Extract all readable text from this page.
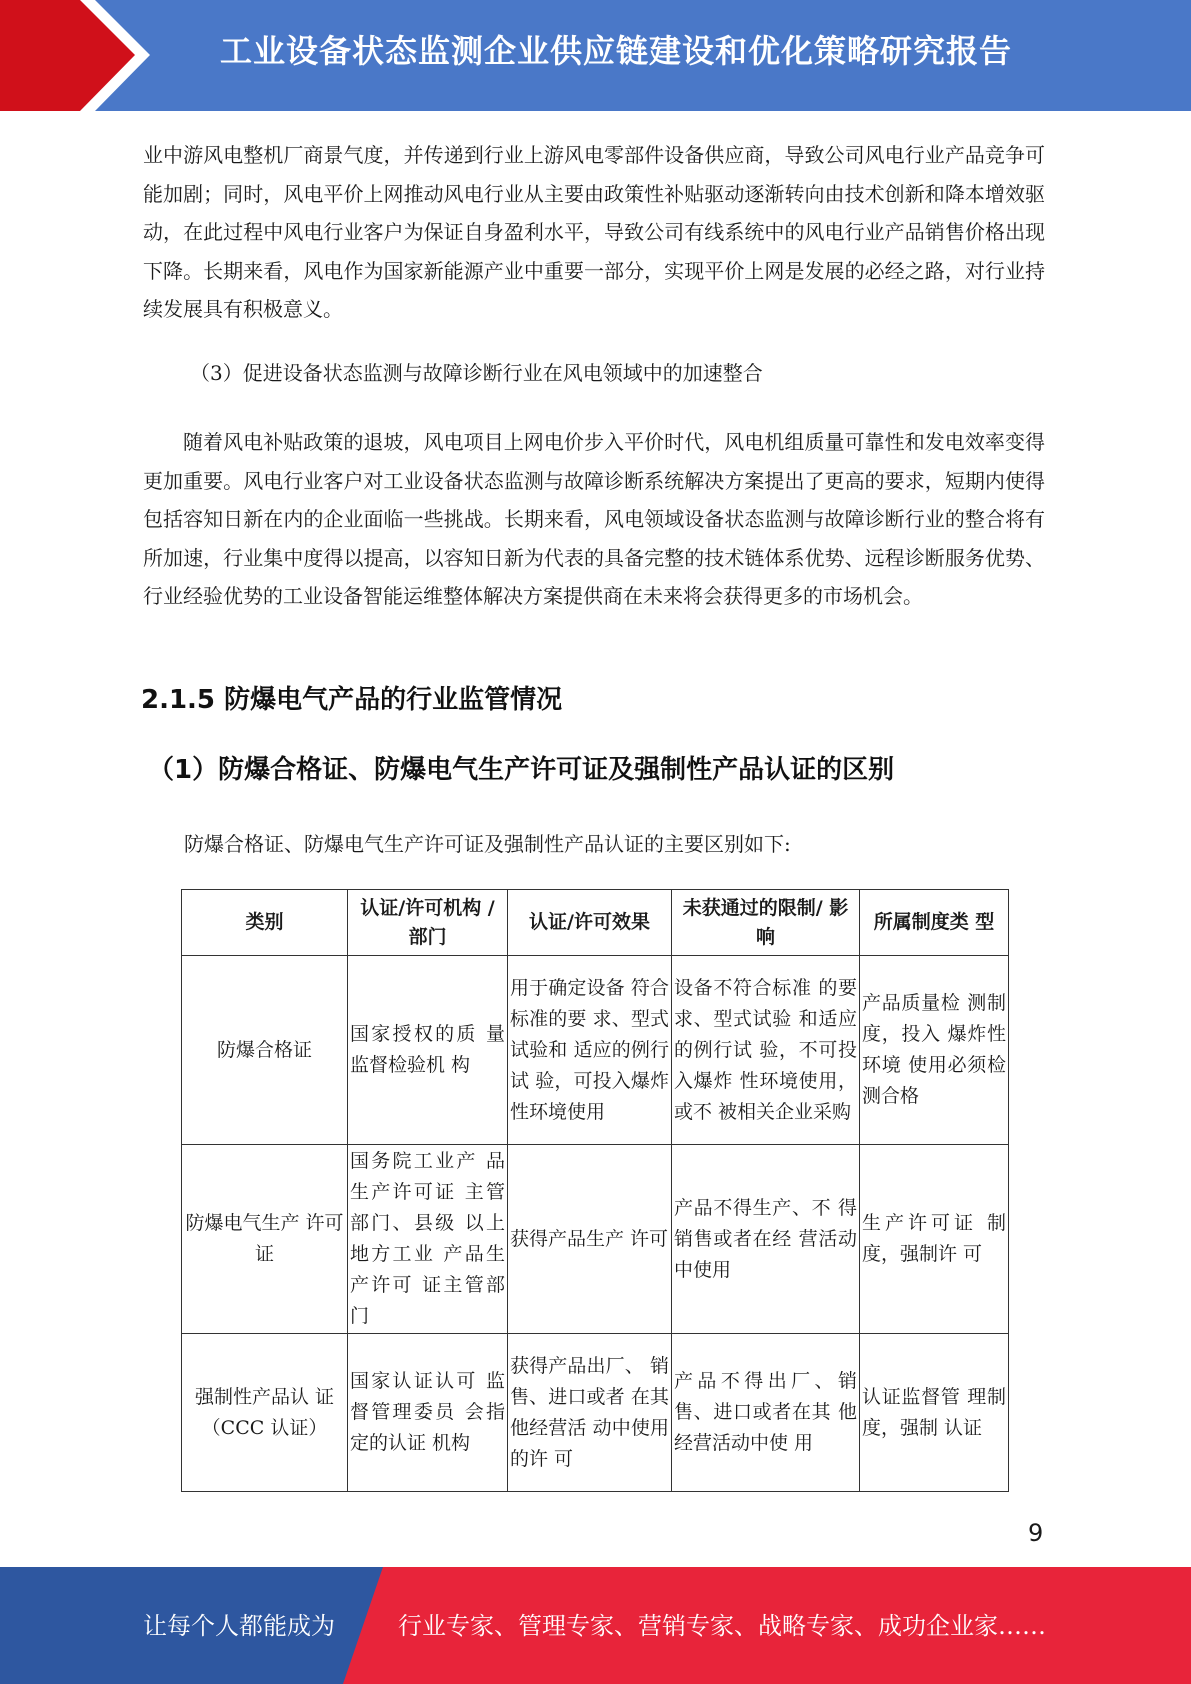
工业设备状态监测企业供应链建设和优化策略研究报告

业中游风电整机厂商景气度，并传递到行业上游风电零部件设备供应商，导致公司风电行业产品竞争可能加剧；同时，风电平价上网推动风电行业从主要由政策性补贴驱动逐渐转向由技术创新和降本增效驱动，在此过程中风电行业客户为保证自身盈利水平，导致公司有线系统中的风电行业产品销售价格出现下降。长期来看，风电作为国家新能源产业中重要一部分，实现平价上网是发展的必经之路，对行业持续发展具有积极意义。

（3）促进设备状态监测与故障诊断行业在风电领域中的加速整合

随着风电补贴政策的退坡，风电项目上网电价步入平价时代，风电机组质量可靠性和发电效率变得更加重要。风电行业客户对工业设备状态监测与故障诊断系统解决方案提出了更高的要求，短期内使得包括容知日新在内的企业面临一些挑战。长期来看，风电领域设备状态监测与故障诊断行业的整合将有所加速，行业集中度得以提高，以容知日新为代表的具备完整的技术链体系优势、远程诊断服务优势、行业经验优势的工业设备智能运维整体解决方案提供商在未来将会获得更多的市场机会。

2.1.5 防爆电气产品的行业监管情况
（1）防爆合格证、防爆电气生产许可证及强制性产品认证的区别
防爆合格证、防爆电气生产许可证及强制性产品认证的主要区别如下:
类别	认证/许可机构 / 部门	认证/许可效果	未获通过的限制/ 影响	所属制度类 型
防爆合格证	国家授权的质 量监督检验机 构	用于确定设备 符合标准的要 求、型式试验和 适应的例行试 验，可投入爆炸 性环境使用	设备不符合标准 的要求、型式试验 和适应的例行试 验，不可投入爆炸 性环境使用，或不 被相关企业采购	产品质量检 测制度，投入 爆炸性环境 使用必须检 测合格
防爆电气生产 许可证	国务院工业产 品生产许可证 主管部门、县级 以上地方工业 产品生产许可 证主管部门	获得产品生产 许可	产品不得生产、不 得销售或者在经 营活动中使用	生产许可证 制度，强制许 可
强制性产品认 证（CCC 认证）	国家认证认可 监督管理委员 会指定的认证 机构	获得产品出厂、 销售、进口或者 在其他经营活 动中使用的许 可	产品不得出厂、销 售、进口或者在其 他经营活动中使 用	认证监督管 理制度，强制 认证
9
让每个人都能成为	行业专家、管理专家、营销专家、战略专家、成功企业家……
